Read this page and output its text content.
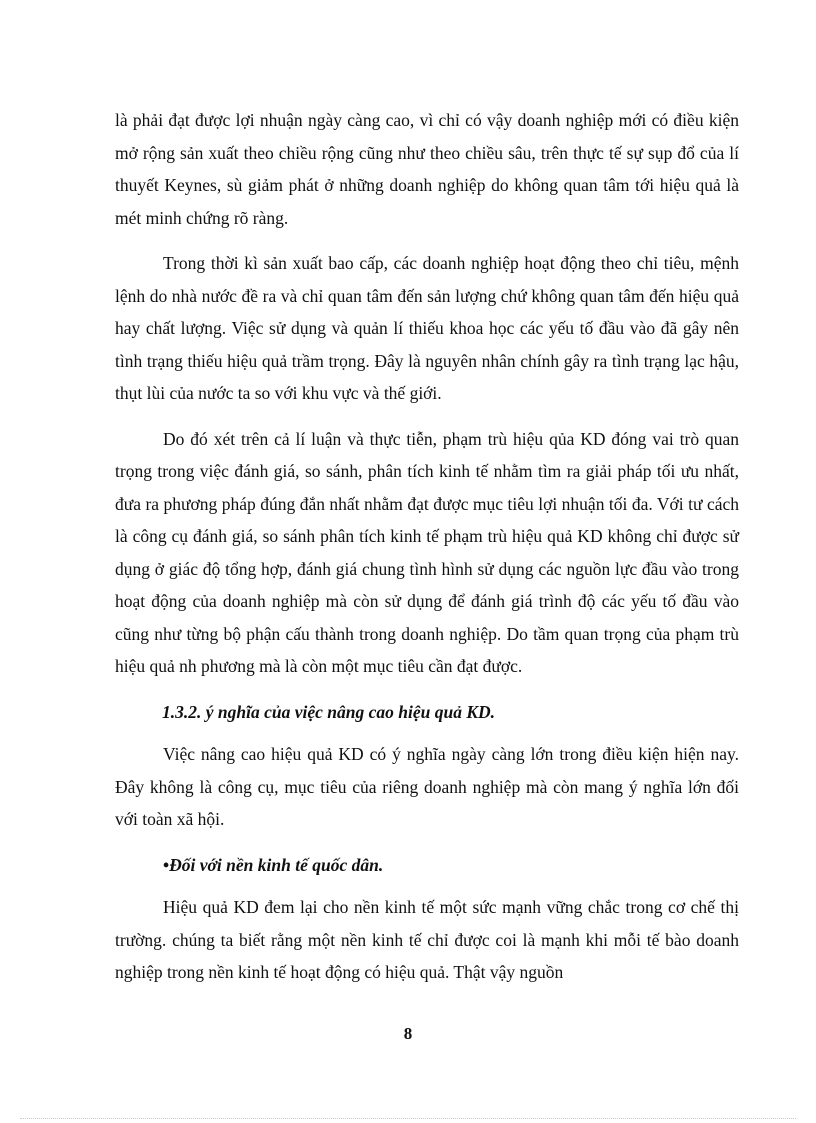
là phải đạt được lợi nhuận ngày càng cao, vì chỉ có vậy doanh nghiệp mới có điều kiện mở rộng sản xuất theo chiều rộng cũng như theo chiều sâu, trên thực tế sự sụp đổ của lí thuyết Keynes, sù giảm phát ở những doanh nghiệp do không quan tâm tới hiệu quả là mét minh chứng rõ ràng.

Trong thời kì sản xuất bao cấp, các doanh nghiệp hoạt động theo chỉ tiêu, mệnh lệnh do nhà nước đề ra và chỉ quan tâm đến sản lượng chứ không quan tâm đến hiệu quả hay chất lượng. Việc sử dụng và quản lí thiếu khoa học các yếu tố đầu vào đã gây nên tình trạng thiếu hiệu quả trầm trọng. Đây là nguyên nhân chính gây ra tình trạng lạc hậu, thụt lùi của nước ta so với khu vực và thế giới.

Do đó xét trên cả lí luận và thực tiễn, phạm trù hiệu qủa KD đóng vai trò quan trọng trong việc đánh giá, so sánh, phân tích kinh tế nhằm tìm ra giải pháp tối ưu nhất, đưa ra phương pháp đúng đắn nhất nhằm đạt được mục tiêu lợi nhuận tối đa. Với tư cách là công cụ đánh giá, so sánh phân tích kinh tế phạm trù hiệu quả KD không chỉ được sử dụng ở giác độ tổng hợp, đánh giá chung tình hình sử dụng các nguồn lực đầu vào trong hoạt động của doanh nghiệp mà còn sử dụng để đánh giá trình độ các yếu tố đầu vào cũng như từng bộ phận cấu thành trong doanh nghiệp. Do tầm quan trọng của phạm trù hiệu quả nh phương mà là còn một mục tiêu cần đạt được.

1.3.2. ý nghĩa của việc nâng cao hiệu quả KD.

Việc nâng cao hiệu quả KD có ý nghĩa ngày càng lớn trong điều kiện hiện nay. Đây không là công cụ, mục tiêu của riêng doanh nghiệp mà còn mang ý nghĩa lớn đối với toàn xã hội.

•Đối với nền kinh tế quốc dân.

Hiệu quả KD đem lại cho nền kinh tế một sức mạnh vững chắc trong cơ chế thị trường. chúng ta biết rằng một nền kinh tế chỉ được coi là mạnh khi mỗi tế bào doanh nghiệp trong nền kinh tế hoạt động có hiệu quả. Thật vậy nguồn

8
